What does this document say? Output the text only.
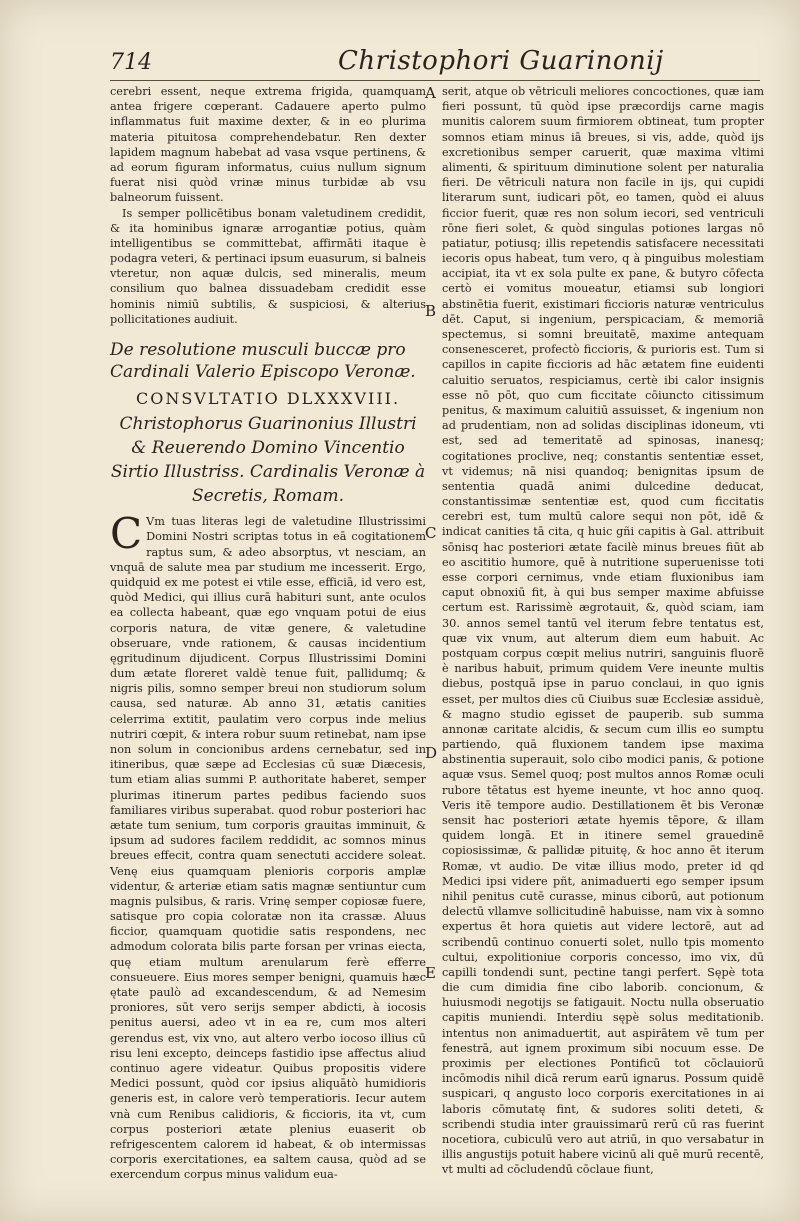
714	Christophori Guarinonij
A
B
C
D
E

cerebri essent, neque extrema frigida, quamquam antea frigere cœperant. Cadauere aperto pulmo inflammatus fuit maxime dexter, & in eo plurima materia pituitosa comprehendebatur. Ren dexter lapidem magnum habebat ad vasa vsque pertinens, & ad eorum figuram informatus, cuius nullum signum fuerat nisi quòd vrinæ minus turbidæ ab vsu balneorum fuissent.

Is semper pollicētibus bonam valetudinem credidit, & ita hominibus ignaræ arrogantiæ potius, quàm intelligentibus se committebat, affirmāti itaque è podagra veteri, & pertinaci ipsum euasurum, si balneis vteretur, non aquæ dulcis, sed mineralis, meum consilium quo balnea dissuadebam credidit esse hominis nimiū subtilis, & suspiciosi, & alterius pollicitationes audiuit.

De resolutione musculi buccæ pro Cardinali Valerio Episcopo Veronæ.

CONSVLTATIO DLXXXVIII.

Christophorus Guarinonius Illustri & Reuerendo Domino Vincentio Sirtio Illustriss. Cardinalis Veronæ à Secretis, Romam.

C Vm tuas literas legi de valetudine Illustrissimi Domini Nostri scriptas totus in eā cogitationem raptus sum, & adeo absorptus, vt nesciam, an vnquā de salute mea par studium me incesserit. Ergo, quidquid ex me potest ei vtile esse, efficiā, id vero est, quòd Medici, qui illius curā habituri sunt, ante oculos ea collecta habeant, quæ ego vnquam potui de eius corporis natura, de vitæ genere, & valetudine obseruare, vnde rationem, & causas incidentium ęgritudinum dijudicent. Corpus Illustrissimi Domini dum ætate floreret valdè tenue fuit, pallidumq; & nigris pilis, somno semper breui non studiorum solum causa, sed naturæ. Ab anno 31, ætatis canities celerrima extitit, paulatim vero corpus inde melius nutriri cœpit, & intera robur suum retinebat, nam ipse non solum in concionibus ardens cernebatur, sed in itineribus, quæ sæpe ad Ecclesias cū suæ Diæcesis, tum etiam alias summi P. authoritate haberet, semper plurimas itinerum partes pedibus faciendo suos familiares viribus superabat. quod robur posteriori hac ætate tum senium, tum corporis grauitas imminuit, & ipsum ad sudores facilem reddidit, ac somnos minus breues effecit, contra quam senectuti accidere soleat. Venę eius quamquam plenioris corporis amplæ videntur, & arteriæ etiam satis magnæ sentiuntur cum magnis pulsibus, & raris. Vrinę semper copiosæ fuere, satisque pro copia coloratæ non ita crassæ. Aluus ficcior, quamquam quotidie satis respondens, nec admodum colorata bilis parte forsan per vrinas eiecta, quę etiam multum arenularum ferè efferre consueuere. Eius mores semper benigni, quamuis hæc ętate paulò ad excandescendum, & ad Nemesim proniores, sūt vero serijs semper abdicti, à iocosis penitus auersi, adeo vt in ea re, cum mos alteri gerendus est, vix vno, aut altero verbo iocoso illius cū risu leni excepto, deinceps fastidio ipse affectus aliud continuo agere videatur. Quibus propositis videre Medici possunt, quòd cor ipsius aliquātò humidioris generis est, in calore verò temperatioris. Iecur autem vnà cum Renibus calidioris, & ficcioris, ita vt, cum corpus posteriori ætate plenius euaserit ob refrigescentem calorem id habeat, & ob intermissas corporis exercitationes, ea saltem causa, quòd ad se exercendum corpus minus validum eua-

serit, atque ob vētriculi meliores concoctiones, quæ iam fieri possunt, tū quòd ipse præcordijs carne magis munitis calorem suum firmiorem obtineat, tum propter somnos etiam minus iā breues, si vis, adde, quòd ijs excretionibus semper caruerit, quæ maxima vltimi alimenti, & spirituum diminutione solent per naturalia fieri. De vētriculi natura non facile in ijs, qui cupidi literarum sunt, iudicari pōt, eo tamen, quòd ei aluus ficcior fuerit, quæ res non solum iecori, sed ventriculi rōne fieri solet, & quòd singulas potiones largas nō patiatur, potiusq; illis repetendis satisfacere necessitati iecoris opus habeat, tum vero, q à pinguibus molestiam accipiat, ita vt ex sola pulte ex pane, & butyro cōfecta certò ei vomitus moueatur, etiamsi sub longiori abstinētia fuerit, existimari ficcioris naturæ ventriculus dēt. Caput, si ingenium, perspicaciam, & memoriā spectemus, si somni breuitatē, maxime antequam consenesceret, profectò ficcioris, & purioris est. Tum si capillos in capite ficcioris ad hāc ætatem fine euidenti caluitio seruatos, respiciamus, certè ibi calor insignis esse nō pōt, quo cum ficcitate cōiuncto citissimum penitus, & maximum caluitiū assuisset, & ingenium non ad prudentiam, non ad solidas disciplinas idoneum, vti est, sed ad temeritatē ad spinosas, inanesq; cogitationes proclive, neq; constantis sententiæ esset, vt videmus; nā nisi quandoq; benignitas ipsum de sententia quadā animi dulcedine deducat, constantissimæ sententiæ est, quod cum ficcitatis cerebri est, tum multū calore sequi non pōt, idē & indicat canities tā cita, q huic gñi capitis à Gal. attribuit sōnisq hac posteriori ætate facilè minus breues fiūt ab eo ascititio humore, quē à nutritione superuenisse toti esse corpori cernimus, vnde etiam fluxionibus iam caput obnoxiū fit, à qui bus semper maxime abfuisse certum est. Rarissimè ægrotauit, &, quòd sciam, iam 30. annos semel tantū vel iterum febre tentatus est, quæ vix vnum, aut alterum diem eum habuit. Ac postquam corpus cœpit melius nutriri, sanguinis fluorē è naribus habuit, primum quidem Vere ineunte multis diebus, postquā ipse in paruo conclaui, in quo ignis esset, per multos dies cū Ciuibus suæ Ecclesiæ assiduè, & magno studio egisset de pauperib. sub summa annonæ caritate alcidis, & secum cum illis eo sumptu partiendo, quā fluxionem tandem ipse maxima abstinentia superauit, solo cibo modici panis, & potione aquæ vsus. Semel quoq; post multos annos Romæ oculi rubore tētatus est hyeme ineunte, vt hoc anno quoq. Veris itē tempore audio. Destillationem ēt bis Veronæ sensit hac posteriori ætate hyemis tēpore, & illam quidem longā. Et in itinere semel grauedinē copiosissimæ, & pallidæ pituitę, & hoc anno ēt iterum Romæ, vt audio. De vitæ illius modo, preter id qd Medici ipsi videre pñt, animaduerti ego semper ipsum nihil penitus cutē curasse, minus ciborū, aut potionum delectū vllamve sollicitudinē habuisse, nam vix à somno expertus ēt hora quietis aut videre lectorē, aut ad scribendū continuo conuerti solet, nullo tpis momento cultui, expolitioniue corporis concesso, imo vix, dū capilli tondendi sunt, pectine tangi perfert. Sępè tota die cum dimidia fine cibo laborib. concionum, & huiusmodi negotijs se fatigauit. Noctu nulla obseruatio capitis muniendi. Interdiu sępè solus meditationib. intentus non animaduertit, aut aspirātem vē tum per fenestrā, aut ignem proximum sibi nocuum esse. De proximis per electiones Pontificū tot cōclauiorū incōmodis nihil dicā rerum earū ignarus. Possum quidē suspicari, q angusto loco corporis exercitationes in ai laboris cōmutatę fint, & sudores soliti deteti, & scribendi studia inter grauissimarū rerū cū ras fuerint nocetiora, cubiculū vero aut atriū, in quo versabatur in illis angustijs potuit habere vicinū ali quē murū recentē, vt multi ad cōcludendū cōclaue fiunt,
